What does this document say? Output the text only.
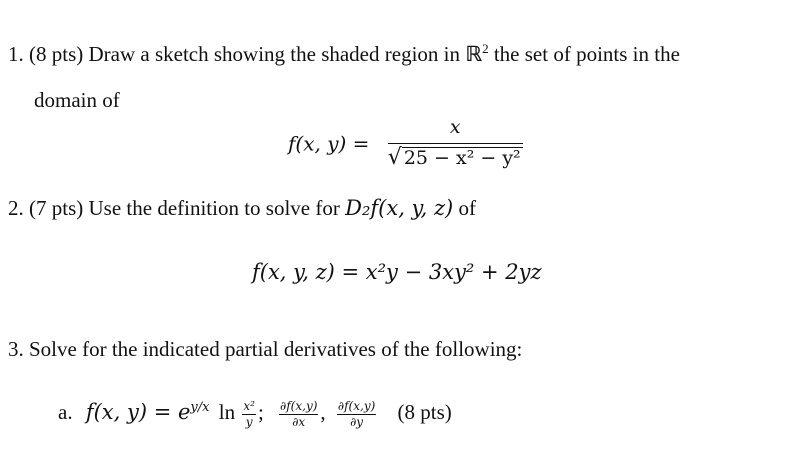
1. (8 pts) Draw a sketch showing the shaded region in ℝ$^2$ the set of points in the
domain of
f(x, y) =
x
√ 25 − x² − y²
2. (7 pts) Use the definition to solve for D₂f(x, y, z) of
f(x, y, z) = x²y − 3xy² + 2yz
3. Solve for the indicated partial derivatives of the following:
a. f(x, $y) = e^{y/x}$ $\ln \frac{\text{x²}}{y}$ ; $\frac{\partial f(x,y)}{\partial x}$ , $\frac{\partial f(x,y)}{\partial y} (8$ pts)
